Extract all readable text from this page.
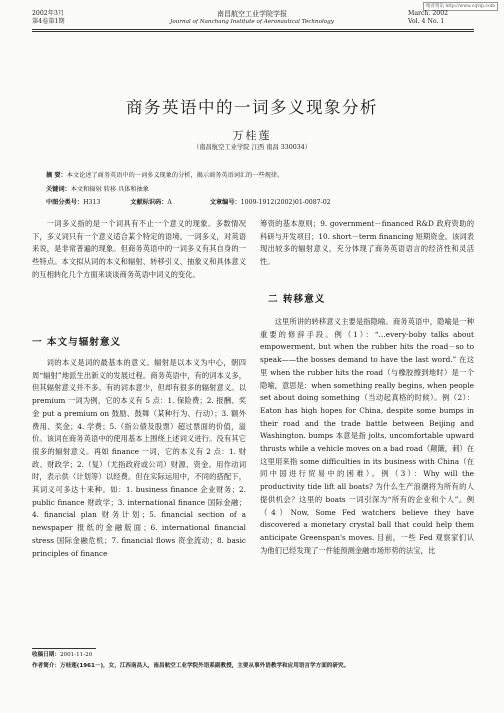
维普资讯 http://www.cqvip.com
2002年3月
第4卷第1期
南昌航空工业学院学报
Journal of Nanchang Institute of Aeronautical Technology
March. 2002
Vol. 4 No. 1
商务英语中的一词多义现象分析
万桂莲
（南昌航空工业学院 江西 南昌 330034）
摘 要：本文论述了商务英语中的一词多义现象的分析，揭示商务英语词汇的一些规律。
关键词：本文和辐射 转移 具体和抽象
中图分类号：H313	文献标识码：A	文章编号：1009-1912(2002)01-0087-02

一词多义指的是一个词具有不止一个意义的现象。多数情况下，多义词只有一个意义适合某个特定的语境。一词多义，对英语来说，是非常普遍的现象。但商务英语中的一词多义有其自身的一些特点。本文拟从词的本义和辐射、转移引义、抽象义和具体意义的互相转化几个方面来谈谈商务英语中词义的变化。

一 本文与辐射意义

词的本义是词的最基本的意义。辐射是以本义为中心，朝四周“辐射”地派生出新义的发展过程。商务英语中，有的词本义多，但其辐射意义并不多。有的词本意少，但却有很多的辐射意义。以 premium 一词为例，它的本义有 5 点：1. 保险费；2. 报酬、奖金 put a premium on 鼓励、鼓舞（某种行为、行动）；3. 额外费用、奖金；4. 学费；5.（指公债及股票）超过票面的价值，溢价。该词在商务英语中的使用基本上围绕上述词义进行。没有其它很多的辐射意义。再如 finance 一词，它的本义有 2 点：1. 财政、财政学；2.（复）（尤指政府或公司）财源、资金。用作动词时，表示供（计划等）以经费。但在实际运用中，不同的搭配下，其词义可多达十来种。如：1. business finance 企业财务；2. public finance 财政学；3. international finance 国际金融；4. financial plan 财务计划；5. financial section of a newspaper 报纸的金融版面；6. international financial stress 国际金融危机；7. financial flows 资金流动；8. basic principles of finance

筹资的基本原则；9. government－financed R&D 政府资助的科研与开发项目；10. short－term financing 短期资金。该词表现出较多的辐射意义，充分体现了商务英语语言的经济性和灵活性。

二 转移意义

这里所讲的转移意义主要是指隐喻。商务英语中，隐喻是一种重要的修辞手段。例（1）：“…every-boby talks about empowerment, but when the rubber hits the road－so to speak——the bosses demand to have the last word.” 在这里 when the rubber hits the road（与橡胶擦到地时）是一个隐喻，意思是：when something really begins, when people set about doing something（当动起真格的时候）。例（2）：Eaton has high hopes for China, despite some bumps in their road and the trade battle between Beijing and Washington. bumps 本意是指 jolts, uncomfortable upward thrusts while a vehicle moves on a bad road（颠簸，刺）在这里用来指 some difficulties in its business with China（在同中国进行贸易中的困难）。例（3）：Why will the productivity tide lift all boats? 为什么生产浪潮将为所有的人提供机会？这里的 boats 一词引深为“所有的企业和个人”。例（4）Now, Some Fed watchers believe they have discovered a monetary crystal ball that could help them anticipate Greenspan's moves. 目前，一些 Fed 观察家们认为他们已经发现了一件能预测金融市场形势的法宝，比

收稿日期：2001-11-20
作者简介：万桂莲(1961－)，女，江西南昌人，南昌航空工业学院外语系副教授，主要从事外语教学和应用语言学方面的研究。
